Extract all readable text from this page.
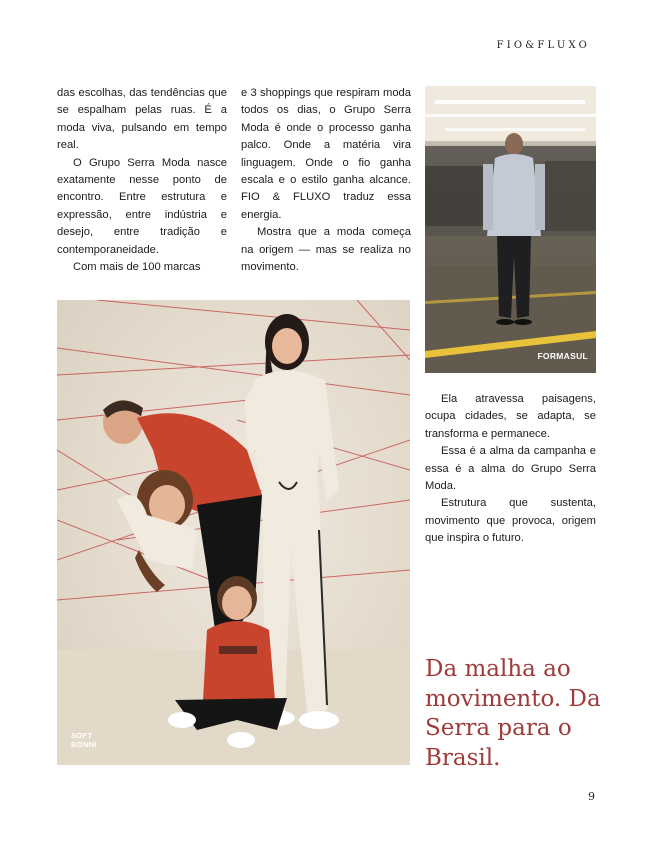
FIO&FLUXO

das escolhas, das tendências que se espalham pelas ruas. É a moda viva, pulsando em tempo real.

O Grupo Serra Moda nasce exatamente nesse ponto de encontro. Entre estrutura e expressão, entre indústria e desejo, entre tradição e contemporaneidade.

Com mais de 100 marcas

e 3 shoppings que respiram moda todos os dias, o Grupo Serra Moda é onde o processo ganha palco. Onde a matéria vira linguagem. Onde o fio ganha escala e o estilo ganha alcance. FIO & FLUXO traduz essa energia.

Mostra que a moda começa na origem — mas se realiza no movimento.

FORMASUL

Ela atravessa paisagens, ocupa cidades, se adapta, se transforma e permanece.

Essa é a alma da campanha e essa é a alma do Grupo Serra Moda.

Estrutura que sustenta, movimento que provoca, origem que inspira o futuro.

SOFT BONNI
Da malha ao movimento. Da Serra para o Brasil.
9
